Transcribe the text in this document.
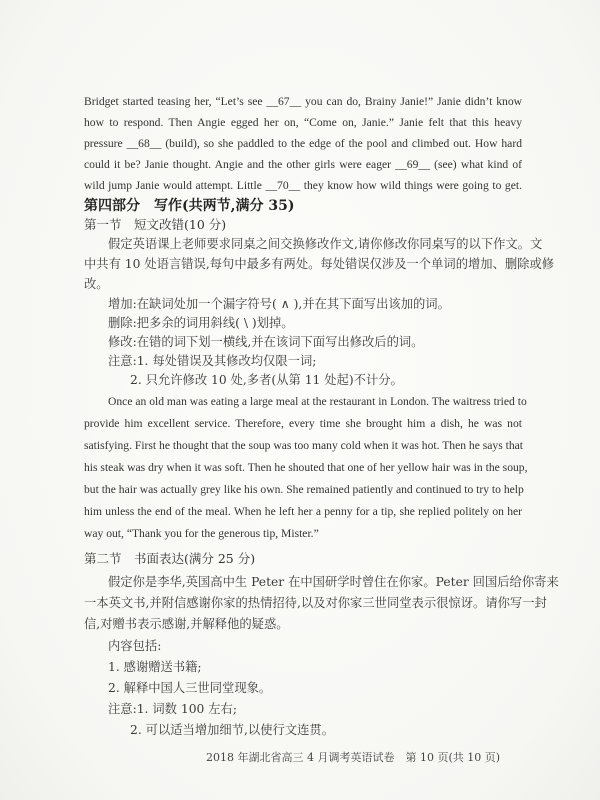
Bridget started teasing her, “Let’s see __67__ you can do, Brainy Janie!” Janie didn’t know
how to respond. Then Angie egged her on, “Come on, Janie.” Janie felt that this heavy
pressure __68__ (build), so she paddled to the edge of the pool and climbed out. How hard
could it be? Janie thought. Angie and the other girls were eager __69__ (see) what kind of
wild jump Janie would attempt. Little __70__ they know how wild things were going to get.
第四部分　写作(共两节,满分 35)
第一节　短文改错(10 分)
假定英语课上老师要求同桌之间交换修改作文,请你修改你同桌写的以下作文。文
中共有 10 处语言错误,每句中最多有两处。每处错误仅涉及一个单词的增加、删除或修
改。
增加:在缺词处加一个漏字符号( ∧ ),并在其下面写出该加的词。
删除:把多余的词用斜线( \ )划掉。
修改:在错的词下划一横线,并在该词下面写出修改后的词。
注意:1. 每处错误及其修改均仅限一词;
2. 只允许修改 10 处,多者(从第 11 处起)不计分。
Once an old man was eating a large meal at the restaurant in London. The waitress tried to
provide him excellent service. Therefore, every time she brought him a dish, he was not
satisfying. First he thought that the soup was too many cold when it was hot. Then he says that
his steak was dry when it was soft. Then he shouted that one of her yellow hair was in the soup,
but the hair was actually grey like his own. She remained patiently and continued to try to help
him unless the end of the meal. When he left her a penny for a tip, she replied politely on her
way out, “Thank you for the generous tip, Mister.”
第二节　书面表达(满分 25 分)
假定你是李华,英国高中生 Peter 在中国研学时曾住在你家。Peter 回国后给你寄来
一本英文书,并附信感谢你家的热情招待,以及对你家三世同堂表示很惊讶。请你写一封
信,对赠书表示感谢,并解释他的疑惑。
内容包括:
1. 感谢赠送书籍;
2. 解释中国人三世同堂现象。
注意:1. 词数 100 左右;
2. 可以适当增加细节,以使行文连贯。
2018 年湖北省高三 4 月调考英语试卷　第 10 页(共 10 页)
